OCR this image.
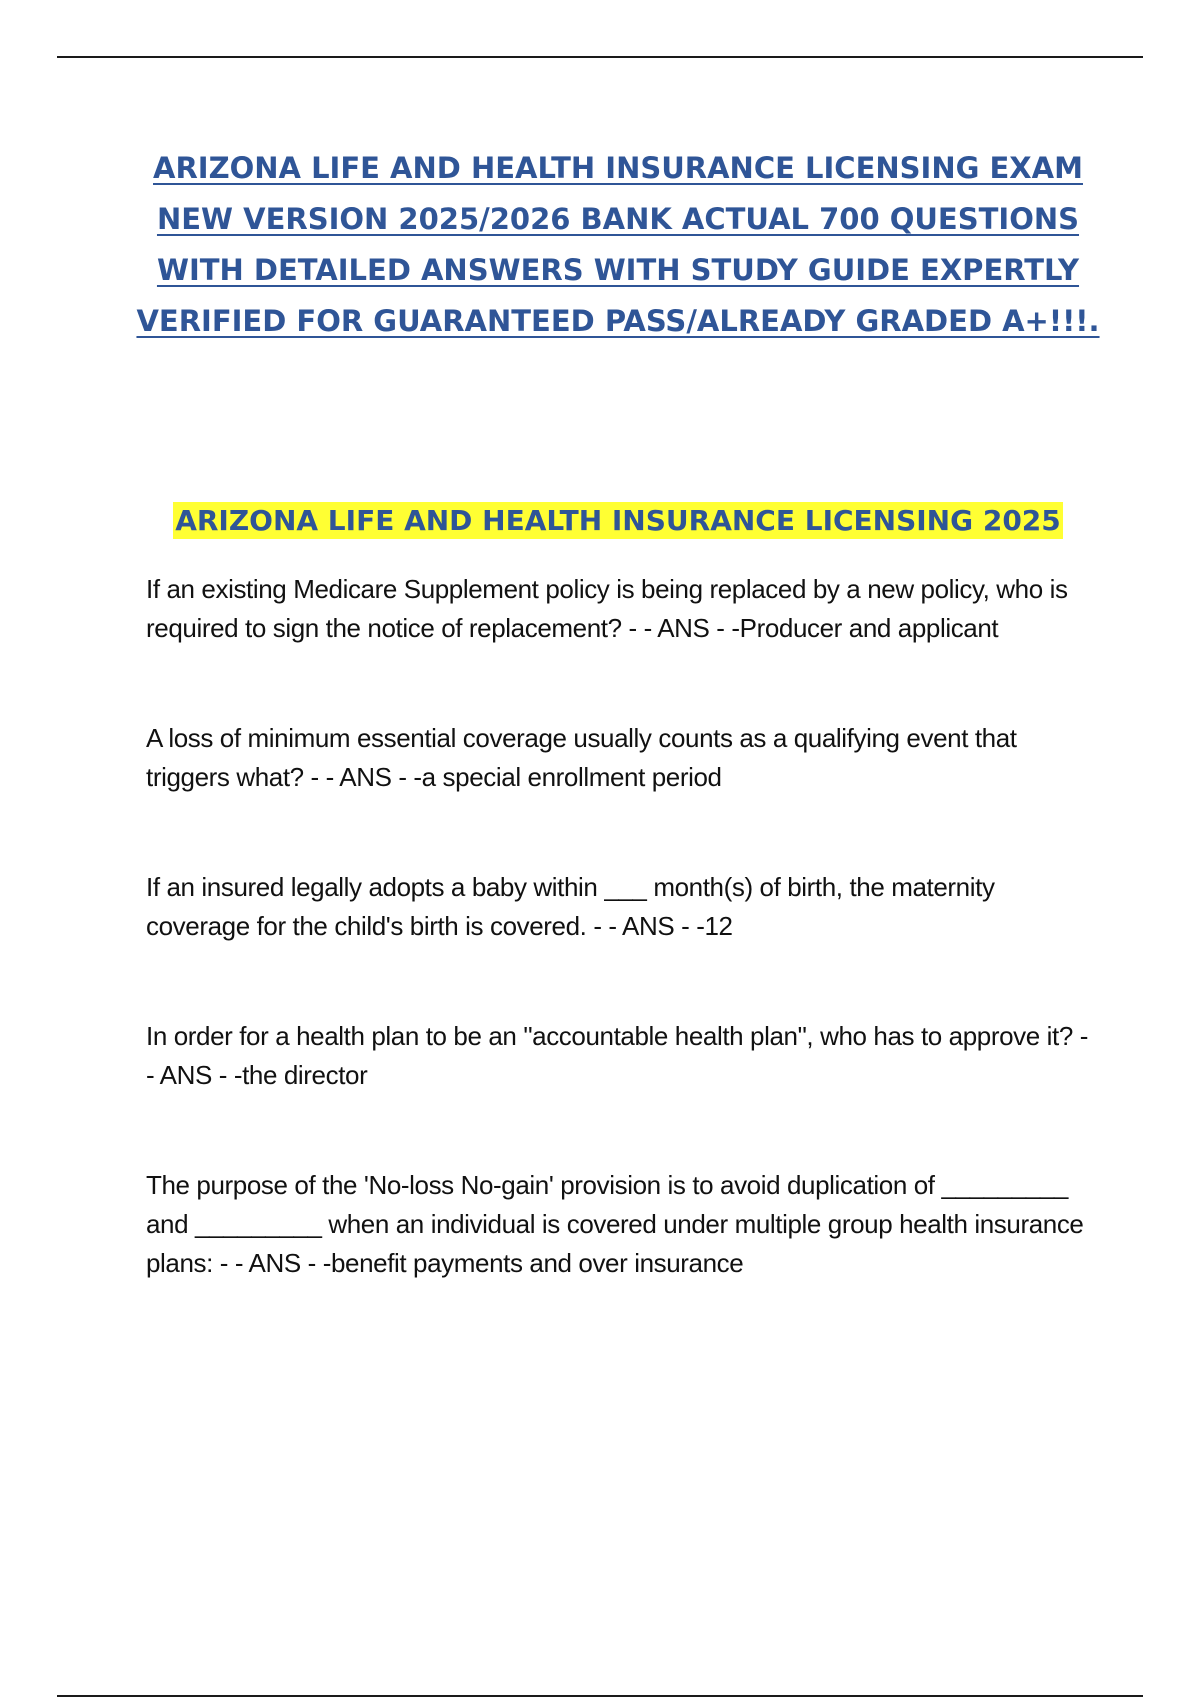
ARIZONA LIFE AND HEALTH INSURANCE LICENSING EXAM
NEW VERSION 2025/2026 BANK ACTUAL 700 QUESTIONS
WITH DETAILED ANSWERS WITH STUDY GUIDE EXPERTLY
VERIFIED FOR GUARANTEED PASS/ALREADY GRADED A+!!!.
ARIZONA LIFE AND HEALTH INSURANCE LICENSING 2025

If an existing Medicare Supplement policy is being replaced by a new policy, who is required to sign the notice of replacement? - - ANS - -Producer and applicant

A loss of minimum essential coverage usually counts as a qualifying event that triggers what? - - ANS - -a special enrollment period

If an insured legally adopts a baby within ___ month(s) of birth, the maternity coverage for the child's birth is covered. - - ANS - -12

In order for a health plan to be an "accountable health plan", who has to approve it? - - ANS - -the director

The purpose of the 'No-loss No-gain' provision is to avoid duplication of _________ and _________ when an individual is covered under multiple group health insurance plans: - - ANS - -benefit payments and over insurance
